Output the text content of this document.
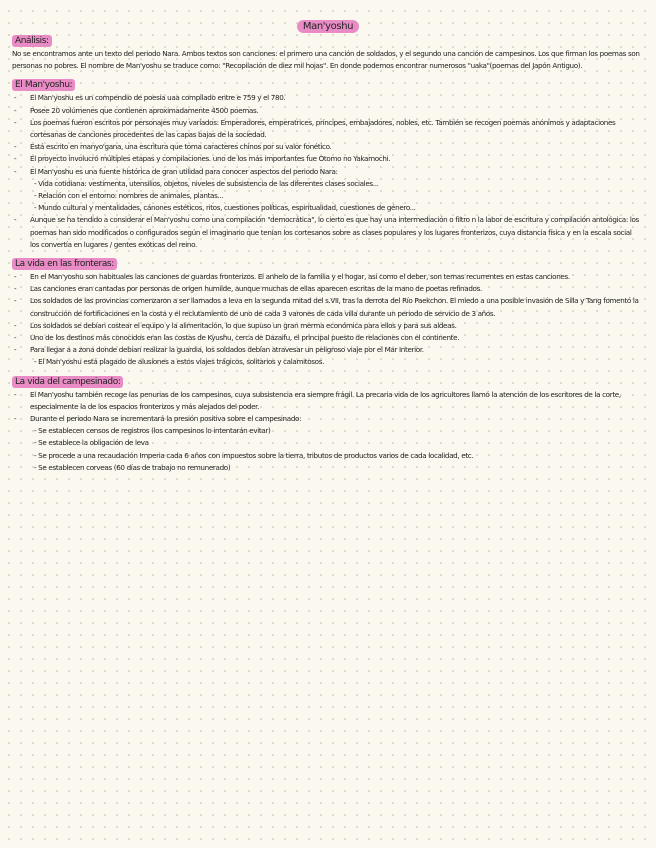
Man'yoshu
Análisis:

No se encontramos ante un texto del periodo Nara. Ambos textos son canciones: el primero una canción de soldados, y el segundo una canción de campesinos. Los que firman los poemas son personas no pobres. El nombre de Man'yoshu se traduce como: "Recopilación de diez mil hojas". En donde podemos encontrar numerosos "uaka"(poemas del Japón Antiguo).

El Man'yoshu:
- El Man'yoshu es un compendio de poesía uaa compilado entre e 759 y el 780.
- Posee 20 volúmenes que contienen aproximadamente 4500 poemas.
- Los poemas fueron escritos por personajes muy variados: Emperadores, emperatrices, príncipes, embajadores, nobles, etc. También se recogen poemas anónimos y adaptaciones cortesanas de canciones procedentes de las capas bajas de la sociedad.
- Está escrito en manyo'gana, una escritura que toma caracteres chinos por su valor fonético.
- El proyecto involucró múltiples etapas y compilaciones. uno de los más importantes fue Otomo no Yakamochi.
- El Man'yoshu es una fuente histórica de gran utilidad para conocer aspectos del periodo Nara:
- Vida cotidiana: vestimenta, utensilios, objetos, niveles de subsistencia de las diferentes clases sociales...
- Relación con el entorno: nombres de animales, plantas...
- Mundo cultural y mentalidades, cánones estéticos, ritos, cuestiones políticas, espiritualidad, cuestiones de género...
- Aunque se ha tendido a considerar el Man'yoshu como una compilación "democrática", lo cierto es que hay una intermediación o filtro n la labor de escritura y compilación antológica: los poemas han sido modificados o configurados según el imaginario que tenían los cortesanos sobre as clases populares y los lugares fronterizos, cuya distancia física y en la escala social los convertía en lugares / gentes exóticas del reino.
La vida en las fronteras:
- En el Man'yoshu son habituales las canciones de guardas fronterizos. El anhelo de la familia y el hogar, así como el deber, son temas recurrentes en estas canciones.
- Las canciones eran cantadas por personas de origen humilde, aunque muchas de ellas aparecen escritas de la mano de poetas refinados.
- Los soldados de las provincias comenzaron a ser llamados a leva en la segunda mitad del s.VII, tras la derrota del Río Paekchon. El miedo a una posible invasión de Silla y Tang fomentó la construcción de fortificaciones en la costa y el reclutamiento de uno de cada 3 varones de cada villa durante un periodo de servicio de 3 años.
- Los soldados se debían costear el equipo y la alimentación, lo que supuso un gran merma económica para ellos y para sus aldeas.
- Uno de los destinos más conocidos eran las costas de Kyushu, cerca de Dazaifu, el principal puesto de relaciones con el continente.
- Para llegar a a zona donde debían realizar la guardia, los soldados debían atravesar un peligroso viaje por el Mar Interior.
- El Man'yoshu está plagado de alusiones a estos viajes trágicos, solitarios y calamitosos.
La vida del campesinado:
- El Man'yoshu también recoge las penurias de los campesinos, cuya subsistencia era siempre frágil. La precaria vida de los agricultores llamó la atención de los escritores de la corte, especialmente la de los espacios fronterizos y más alejados del poder.
- Durante el periodo Nara se incrementará la presión positiva sobre el campesinado:
- Se establecen censos de registros (los campesinos lo intentarán evitar)
- Se establece la obligación de leva
- Se procede a una recaudación Imperia cada 6 años con impuestos sobre la tierra, tributos de productos varios de cada localidad, etc.
- Se establecen corveas (60 días de trabajo no remunerado)
